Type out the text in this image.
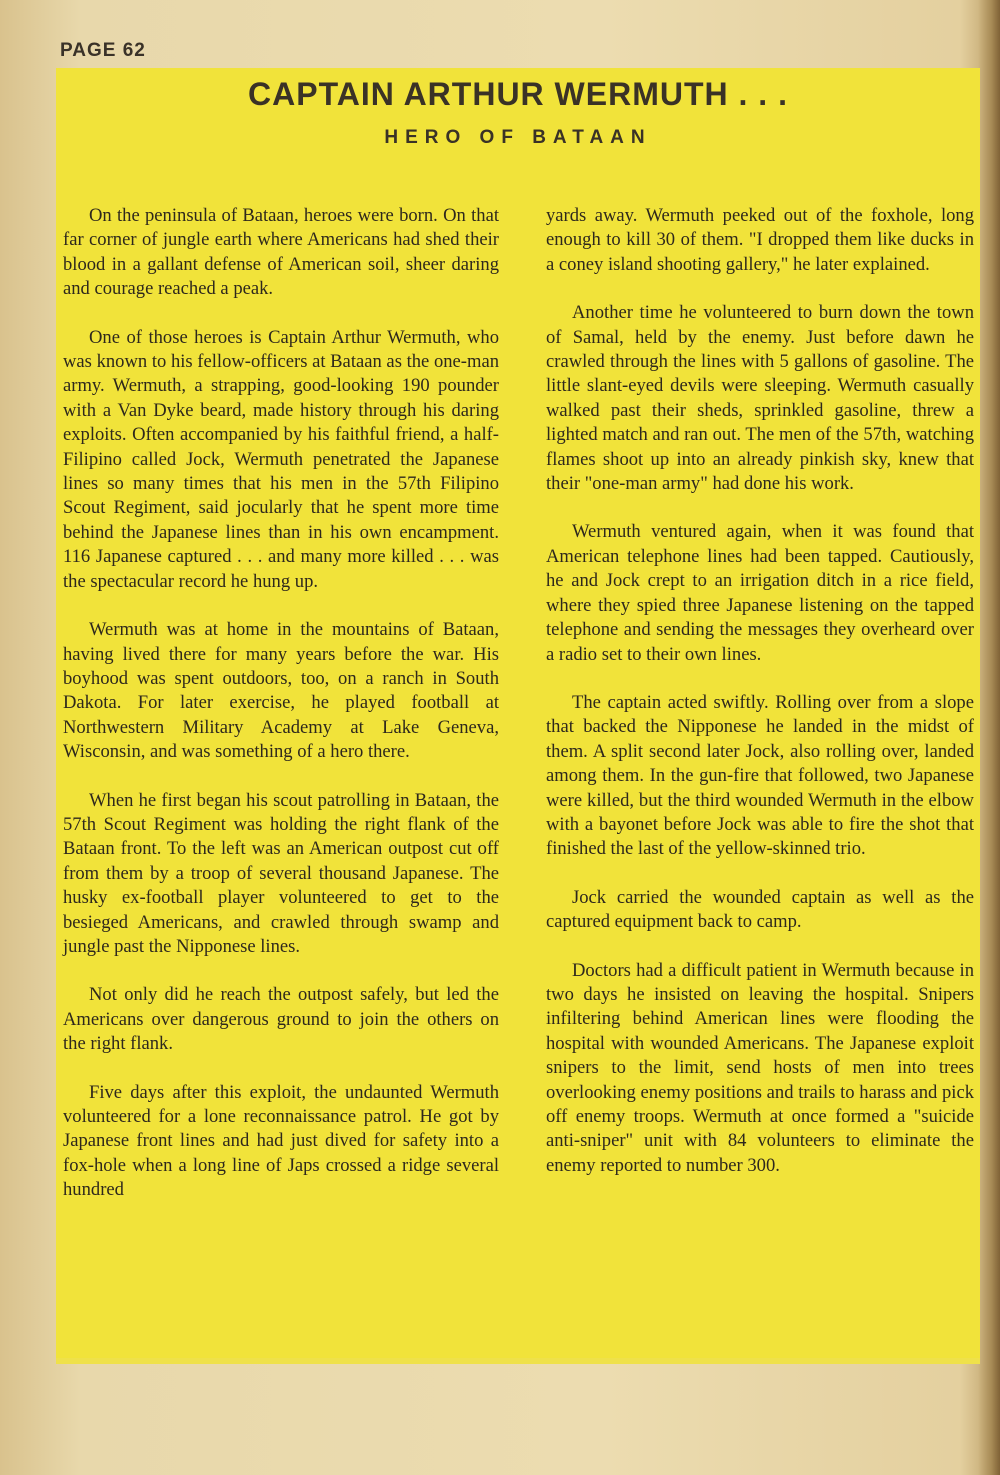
PAGE 62
CAPTAIN ARTHUR WERMUTH . . .
HERO OF BATAAN

On the peninsula of Bataan, heroes were born. On that far corner of jungle earth where Americans had shed their blood in a gallant defense of American soil, sheer daring and courage reached a peak.

One of those heroes is Captain Arthur Wermuth, who was known to his fellow-officers at Bataan as the one-man army. Wermuth, a strapping, good-looking 190 pounder with a Van Dyke beard, made history through his daring exploits. Often accompanied by his faithful friend, a half-Filipino called Jock, Wermuth penetrated the Japanese lines so many times that his men in the 57th Filipino Scout Regiment, said jocularly that he spent more time behind the Japanese lines than in his own encampment. 116 Japanese captured . . . and many more killed . . . was the spectacular record he hung up.

Wermuth was at home in the mountains of Bataan, having lived there for many years before the war. His boyhood was spent outdoors, too, on a ranch in South Dakota. For later exercise, he played football at Northwestern Military Academy at Lake Geneva, Wisconsin, and was something of a hero there.

When he first began his scout patrolling in Bataan, the 57th Scout Regiment was holding the right flank of the Bataan front. To the left was an American outpost cut off from them by a troop of several thousand Japanese. The husky ex-football player volunteered to get to the besieged Americans, and crawled through swamp and jungle past the Nipponese lines.

Not only did he reach the outpost safely, but led the Americans over dangerous ground to join the others on the right flank.

Five days after this exploit, the undaunted Wermuth volunteered for a lone reconnaissance patrol. He got by Japanese front lines and had just dived for safety into a fox-hole when a long line of Japs crossed a ridge several hundred

yards away. Wermuth peeked out of the foxhole, long enough to kill 30 of them. "I dropped them like ducks in a coney island shooting gallery," he later explained.

Another time he volunteered to burn down the town of Samal, held by the enemy. Just before dawn he crawled through the lines with 5 gallons of gasoline. The little slant-eyed devils were sleeping. Wermuth casually walked past their sheds, sprinkled gasoline, threw a lighted match and ran out. The men of the 57th, watching flames shoot up into an already pinkish sky, knew that their "one-man army" had done his work.

Wermuth ventured again, when it was found that American telephone lines had been tapped. Cautiously, he and Jock crept to an irrigation ditch in a rice field, where they spied three Japanese listening on the tapped telephone and sending the messages they overheard over a radio set to their own lines.

The captain acted swiftly. Rolling over from a slope that backed the Nipponese he landed in the midst of them. A split second later Jock, also rolling over, landed among them. In the gun-fire that followed, two Japanese were killed, but the third wounded Wermuth in the elbow with a bayonet before Jock was able to fire the shot that finished the last of the yellow-skinned trio.

Jock carried the wounded captain as well as the captured equipment back to camp.

Doctors had a difficult patient in Wermuth because in two days he insisted on leaving the hospital. Snipers infiltering behind American lines were flooding the hospital with wounded Americans. The Japanese exploit snipers to the limit, send hosts of men into trees overlooking enemy positions and trails to harass and pick off enemy troops. Wermuth at once formed a "suicide anti-sniper" unit with 84 volunteers to eliminate the enemy reported to number 300.
